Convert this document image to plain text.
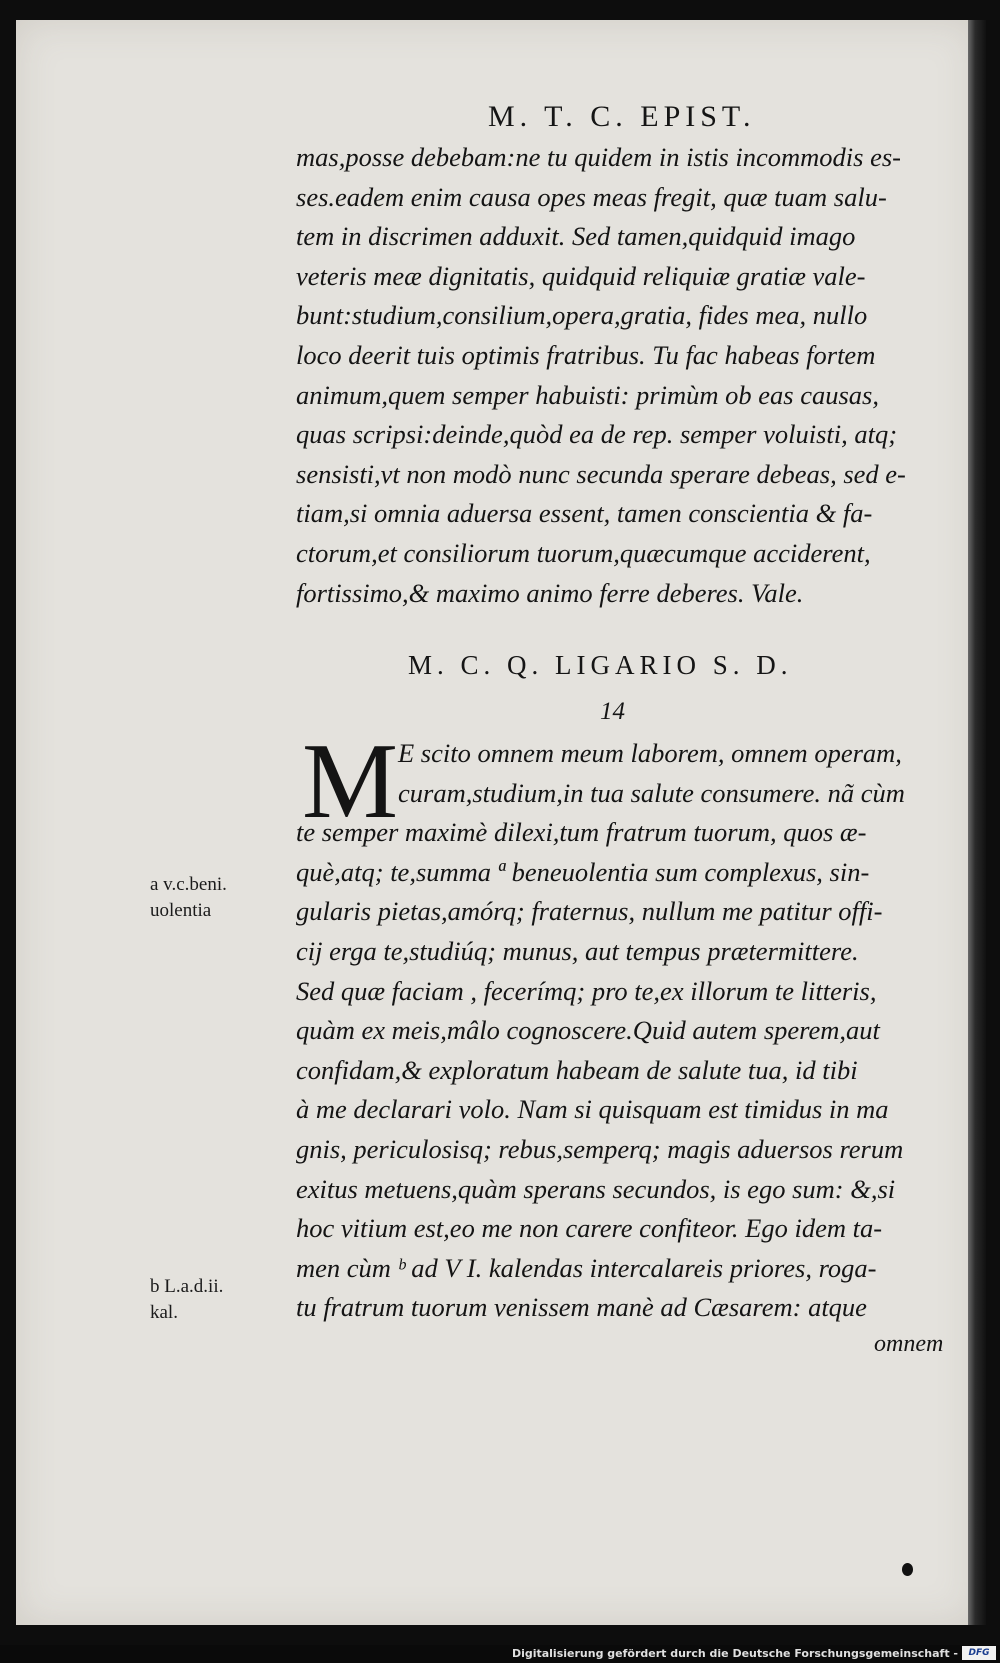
M. T. C. EPIST.
mas,posse debebam:ne tu quidem in istis incommodis es-
ses.eadem enim causa opes meas fregit, quæ tuam salu-
tem in discrimen adduxit. Sed tamen,quidquid imago
veteris meæ dignitatis, quidquid reliquiæ gratiæ vale-
bunt:studium,consilium,opera,gratia, fides mea, nullo
loco deerit tuis optimis fratribus. Tu fac habeas fortem
animum,quem semper habuisti: primùm ob eas causas,
quas scripsi:deinde,quòd ea de rep. semper voluisti, atq;
sensisti,vt non modò nunc secunda sperare debeas, sed e-
tiam,si omnia aduersa essent, tamen conscientia & fa-
ctorum,et consiliorum tuorum,quæcumque acciderent,
fortissimo,& maximo animo ferre deberes. Vale.
M. C. Q. LIGARIO S. D.
14
M E scito omnem meum laborem, omnem operam,
curam,studium,in tua salute consumere. nã cùm
te semper maximè dilexi,tum fratrum tuorum, quos æ-
què,atq; te,summa ª beneuolentia sum complexus, sin-
gularis pietas,amórq; fraternus, nullum me patitur offi-
cij erga te,studiúq; munus, aut tempus prætermittere.
Sed quæ faciam , fecerímq; pro te,ex illorum te litteris,
quàm ex meis,mâlo cognoscere.Quid autem sperem,aut
confidam,& exploratum habeam de salute tua, id tibi
à me declarari volo. Nam si quisquam est timidus in ma
gnis, periculosisq; rebus,semperq; magis aduersos rerum
exitus metuens,quàm sperans secundos, is ego sum: &,si
hoc vitium est,eo me non carere confiteor. Ego idem ta-
men cùm ᵇ ad V I. kalendas intercalareis priores, roga-
tu fratrum tuorum venissem manè ad Cæsarem: atque
a v.c.beni.
uolentia
b L.a.d.ii.
kal.
omnem
Digitalisierung gefördert durch die Deutsche Forschungsgemeinschaft -	DFG
